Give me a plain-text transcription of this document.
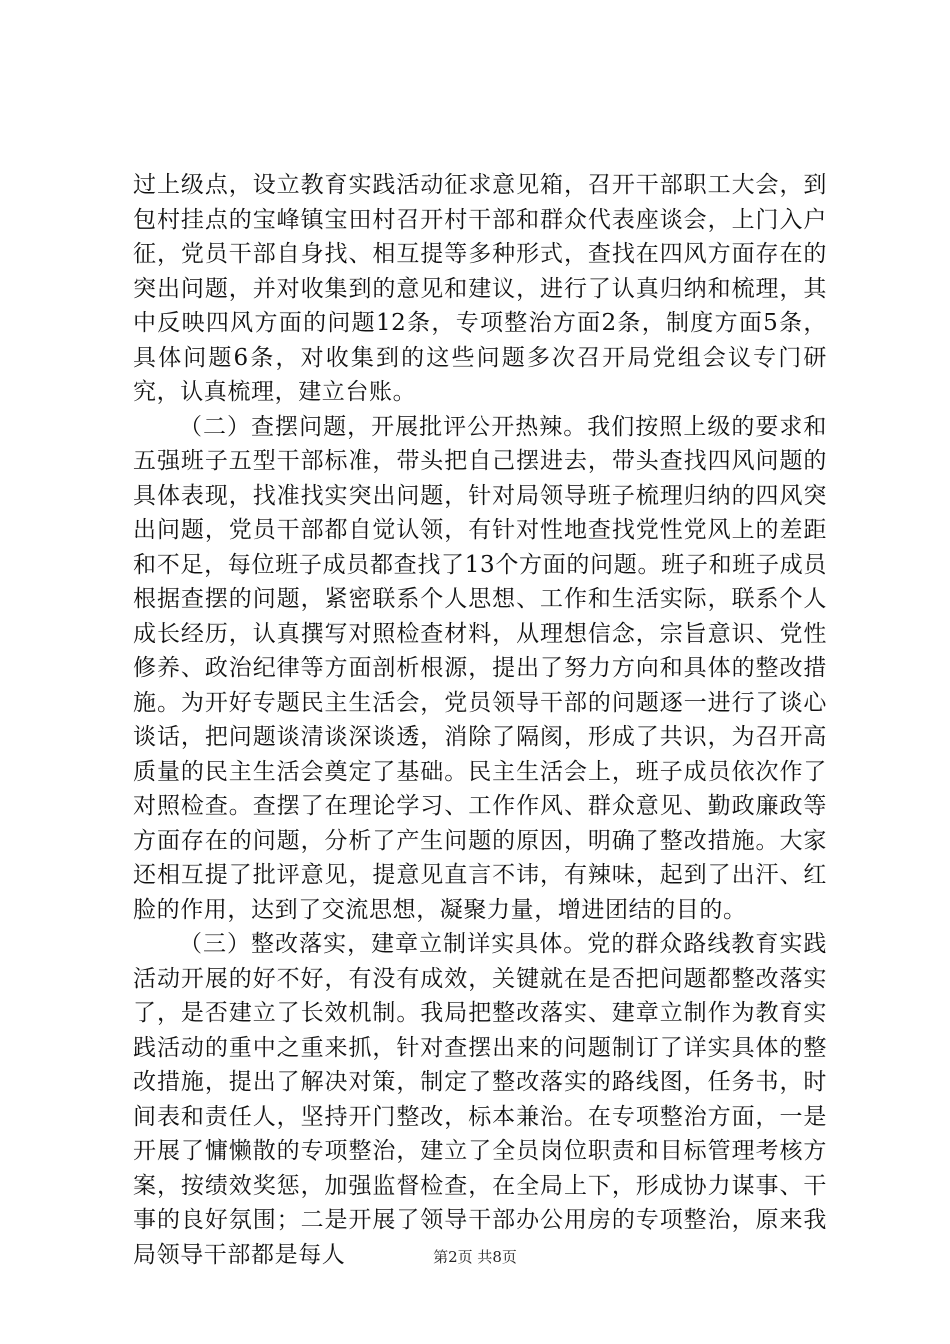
过上级点，设立教育实践活动征求意见箱，召开干部职工大会，到包村挂点的宝峰镇宝田村召开村干部和群众代表座谈会，上门入户征，党员干部自身找、相互提等多种形式，查找在四风方面存在的突出问题，并对收集到的意见和建议，进行了认真归纳和梳理，其中反映四风方面的问题12条，专项整治方面2条，制度方面5条，具体问题6条，对收集到的这些问题多次召开局党组会议专门研究，认真梳理，建立台账。

（二）查摆问题，开展批评公开热辣。我们按照上级的要求和五强班子五型干部标准，带头把自己摆进去，带头查找四风问题的具体表现，找准找实突出问题，针对局领导班子梳理归纳的四风突出问题，党员干部都自觉认领，有针对性地查找党性党风上的差距和不足，每位班子成员都查找了13个方面的问题。班子和班子成员根据查摆的问题，紧密联系个人思想、工作和生活实际，联系个人成长经历，认真撰写对照检查材料，从理想信念，宗旨意识、党性修养、政治纪律等方面剖析根源，提出了努力方向和具体的整改措施。为开好专题民主生活会，党员领导干部的问题逐一进行了谈心谈话，把问题谈清谈深谈透，消除了隔阂，形成了共识，为召开高质量的民主生活会奠定了基础。民主生活会上，班子成员依次作了对照检查。查摆了在理论学习、工作作风、群众意见、勤政廉政等方面存在的问题，分析了产生问题的原因，明确了整改措施。大家还相互提了批评意见，提意见直言不讳，有辣味，起到了出汗、红脸的作用，达到了交流思想，凝聚力量，增进团结的目的。

（三）整改落实，建章立制详实具体。党的群众路线教育实践活动开展的好不好，有没有成效，关键就在是否把问题都整改落实了，是否建立了长效机制。我局把整改落实、建章立制作为教育实践活动的重中之重来抓，针对查摆出来的问题制订了详实具体的整改措施，提出了解决对策，制定了整改落实的路线图，任务书，时间表和责任人，坚持开门整改，标本兼治。在专项整治方面，一是开展了慵懒散的专项整治，建立了全员岗位职责和目标管理考核方案，按绩效奖惩，加强监督检查，在全局上下，形成协力谋事、干事的良好氛围；二是开展了领导干部办公用房的专项整治，原来我局领导干部都是每人	第2页 共8页
